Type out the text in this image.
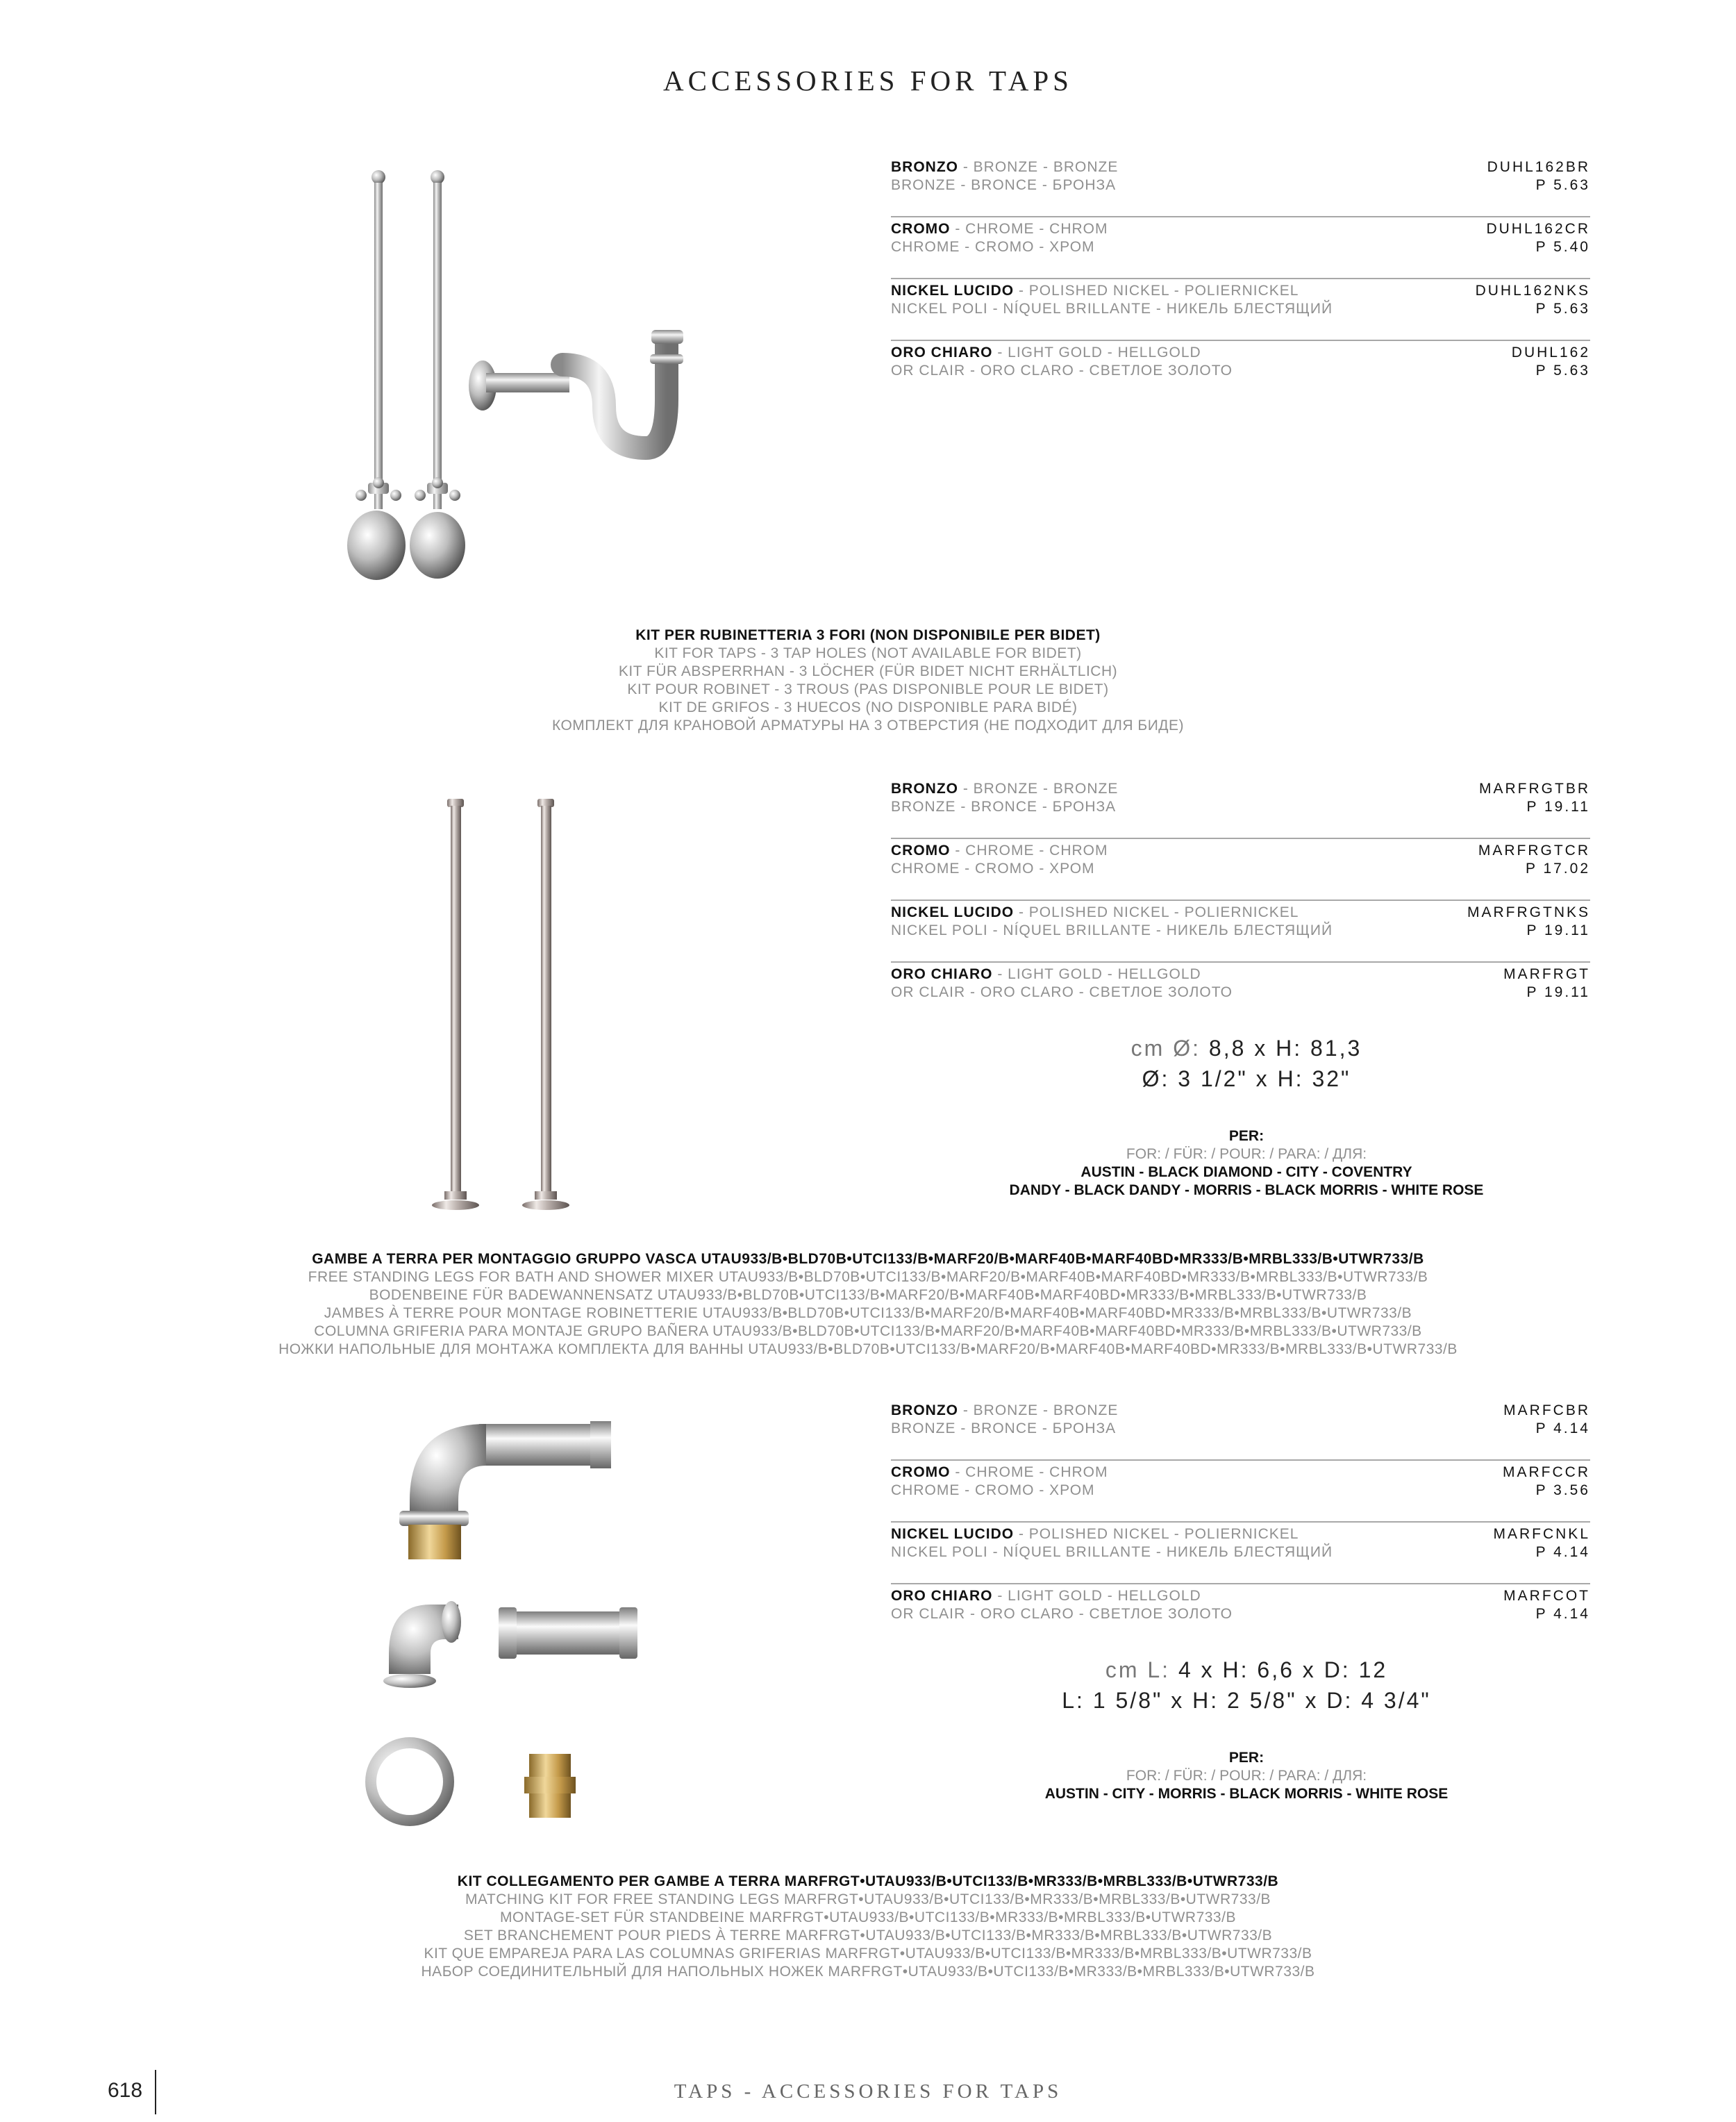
ACCESSORIES FOR TAPS
BRONZO - BRONZE - BRONZE
BRONZE - BRONCE - БРОНЗА
DUHL162BR
P 5.63
CROMO - CHROME - CHROM
CHROME - CROMO - ХРОМ
DUHL162CR
P 5.40
NICKEL LUCIDO - POLISHED NICKEL - POLIERNICKEL
NICKEL POLI - NÍQUEL BRILLANTE - НИКЕЛЬ БЛЕСТЯЩИЙ
DUHL162NKS
P 5.63
ORO CHIARO - LIGHT GOLD - HELLGOLD
OR CLAIR - ORO CLARO - СВЕТЛОЕ ЗОЛОТО
DUHL162
P 5.63
KIT PER RUBINETTERIA 3 FORI (NON DISPONIBILE PER BIDET)
KIT FOR TAPS - 3 TAP HOLES (NOT AVAILABLE FOR BIDET)
KIT FÜR ABSPERRHAN - 3 LÖCHER (FÜR BIDET NICHT ERHÄLTLICH)
KIT POUR ROBINET - 3 TROUS (PAS DISPONIBLE POUR LE BIDET)
KIT DE GRIFOS - 3 HUECOS (NO DISPONIBLE PARA BIDÉ)
КОМПЛЕКТ ДЛЯ КРАНОВОЙ АРМАТУРЫ НА 3 ОТВЕРСТИЯ (НЕ ПОДХОДИТ ДЛЯ БИДЕ)
BRONZO - BRONZE - BRONZE
BRONZE - BRONCE - БРОНЗА
MARFRGTBR
P 19.11
CROMO - CHROME - CHROM
CHROME - CROMO - ХРОМ
MARFRGTCR
P 17.02
NICKEL LUCIDO - POLISHED NICKEL - POLIERNICKEL
NICKEL POLI - NÍQUEL BRILLANTE - НИКЕЛЬ БЛЕСТЯЩИЙ
MARFRGTNKS
P 19.11
ORO CHIARO - LIGHT GOLD - HELLGOLD
OR CLAIR - ORO CLARO - СВЕТЛОЕ ЗОЛОТО
MARFRGT
P 19.11
cm Ø: 8,8 x H: 81,3
Ø: 3 1/2" x H: 32"
PER:
FOR: / FÜR: / POUR: / PARA: / ДЛЯ:
AUSTIN - BLACK DIAMOND - CITY - COVENTRY
DANDY - BLACK DANDY - MORRIS - BLACK MORRIS - WHITE ROSE
GAMBE A TERRA PER MONTAGGIO GRUPPO VASCA UTAU933/B•BLD70B•UTCI133/B•MARF20/B•MARF40B•MARF40BD•MR333/B•MRBL333/B•UTWR733/B
FREE STANDING LEGS FOR BATH AND SHOWER MIXER UTAU933/B•BLD70B•UTCI133/B•MARF20/B•MARF40B•MARF40BD•MR333/B•MRBL333/B•UTWR733/B
BODENBEINE FÜR BADEWANNENSATZ UTAU933/B•BLD70B•UTCI133/B•MARF20/B•MARF40B•MARF40BD•MR333/B•MRBL333/B•UTWR733/B
JAMBES À TERRE POUR MONTAGE ROBINETTERIE UTAU933/B•BLD70B•UTCI133/B•MARF20/B•MARF40B•MARF40BD•MR333/B•MRBL333/B•UTWR733/B
COLUMNA GRIFERIA PARA MONTAJE GRUPO BAÑERA UTAU933/B•BLD70B•UTCI133/B•MARF20/B•MARF40B•MARF40BD•MR333/B•MRBL333/B•UTWR733/B
НОЖКИ НАПОЛЬНЫЕ ДЛЯ МОНТАЖА КОМПЛЕКТА ДЛЯ ВАННЫ UTAU933/B•BLD70B•UTCI133/B•MARF20/B•MARF40B•MARF40BD•MR333/B•MRBL333/B•UTWR733/B
BRONZO - BRONZE - BRONZE
BRONZE - BRONCE - БРОНЗА
MARFCBR
P 4.14
CROMO - CHROME - CHROM
CHROME - CROMO - ХРОМ
MARFCCR
P 3.56
NICKEL LUCIDO - POLISHED NICKEL - POLIERNICKEL
NICKEL POLI - NÍQUEL BRILLANTE - НИКЕЛЬ БЛЕСТЯЩИЙ
MARFCNKL
P 4.14
ORO CHIARO - LIGHT GOLD - HELLGOLD
OR CLAIR - ORO CLARO - СВЕТЛОЕ ЗОЛОТО
MARFCOT
P 4.14
cm L: 4 x H: 6,6 x D: 12
L: 1 5/8" x H: 2 5/8" x D: 4 3/4"
PER:
FOR: / FÜR: / POUR: / PARA: / ДЛЯ:
AUSTIN - CITY - MORRIS - BLACK MORRIS - WHITE ROSE
KIT COLLEGAMENTO PER GAMBE A TERRA MARFRGT•UTAU933/B•UTCI133/B•MR333/B•MRBL333/B•UTWR733/B
MATCHING KIT FOR FREE STANDING LEGS MARFRGT•UTAU933/B•UTCI133/B•MR333/B•MRBL333/B•UTWR733/B
MONTAGE-SET FÜR STANDBEINE MARFRGT•UTAU933/B•UTCI133/B•MR333/B•MRBL333/B•UTWR733/B
SET BRANCHEMENT POUR PIEDS À TERRE MARFRGT•UTAU933/B•UTCI133/B•MR333/B•MRBL333/B•UTWR733/B
KIT QUE EMPAREJA PARA LAS COLUMNAS GRIFERIAS MARFRGT•UTAU933/B•UTCI133/B•MR333/B•MRBL333/B•UTWR733/B
НАБОР СОЕДИНИТЕЛЬНЫЙ ДЛЯ НАПОЛЬНЫХ НОЖЕК MARFRGT•UTAU933/B•UTCI133/B•MR333/B•MRBL333/B•UTWR733/B
618	TAPS - ACCESSORIES FOR TAPS
